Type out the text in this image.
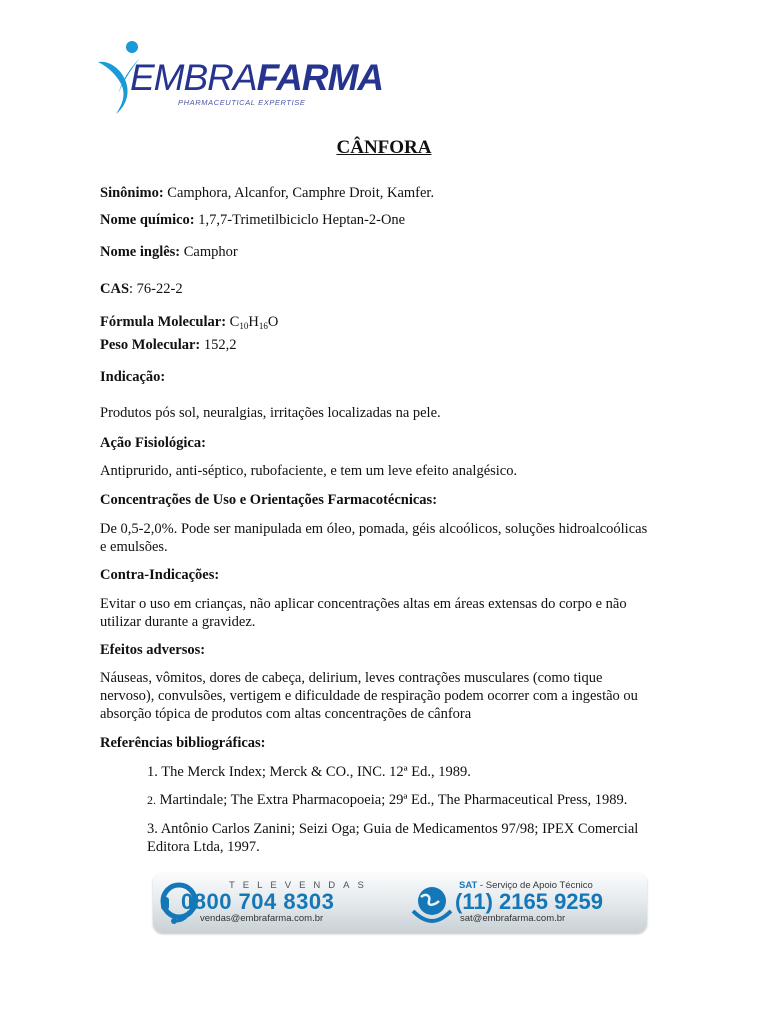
EMBRAFARMA
PHARMACEUTICAL EXPERTISE
CÂNFORA
Sinônimo: Camphora, Alcanfor, Camphre Droit, Kamfer.
Nome químico: 1,7,7-Trimetilbiciclo Heptan-2-One
Nome inglês: Camphor
CAS: 76-22-2
Fórmula Molecular: $C_{10}H_{16}O$
Peso Molecular: 152,2
Indicação:
Produtos pós sol, neuralgias, irritações localizadas na pele.
Ação Fisiológica:
Antiprurido, anti-séptico, rubofaciente, e tem um leve efeito analgésico.
Concentrações de Uso e Orientações Farmacotécnicas:
De 0,5-2,0%. Pode ser manipulada em óleo, pomada, géis alcoólicos, soluções hidroalcoólicas
e emulsões.
Contra-Indicações:
Evitar o uso em crianças, não aplicar concentrações altas em áreas extensas do corpo e não
utilizar durante a gravidez.
Efeitos adversos:
Náuseas, vômitos, dores de cabeça, delirium, leves contrações musculares (como tique
nervoso), convulsões, vertigem e dificuldade de respiração podem ocorrer com a ingestão ou
absorção tópica de produtos com altas concentrações de cânfora
Referências bibliográficas:
1. The Merck Index; Merck & CO., INC. 12ª Ed., 1989.
2. Martindale; The Extra Pharmacopoeia; 29ª Ed., The Pharmaceutical Press, 1989.
3. Antônio Carlos Zanini; Seizi Oga; Guia de Medicamentos 97/98; IPEX Comercial
Editora Ltda, 1997.
TELEVENDAS
0800 704 8303
vendas@embrafarma.com.br
SAT - Serviço de Apoio Técnico
(11) 2165 9259
sat@embrafarma.com.br
